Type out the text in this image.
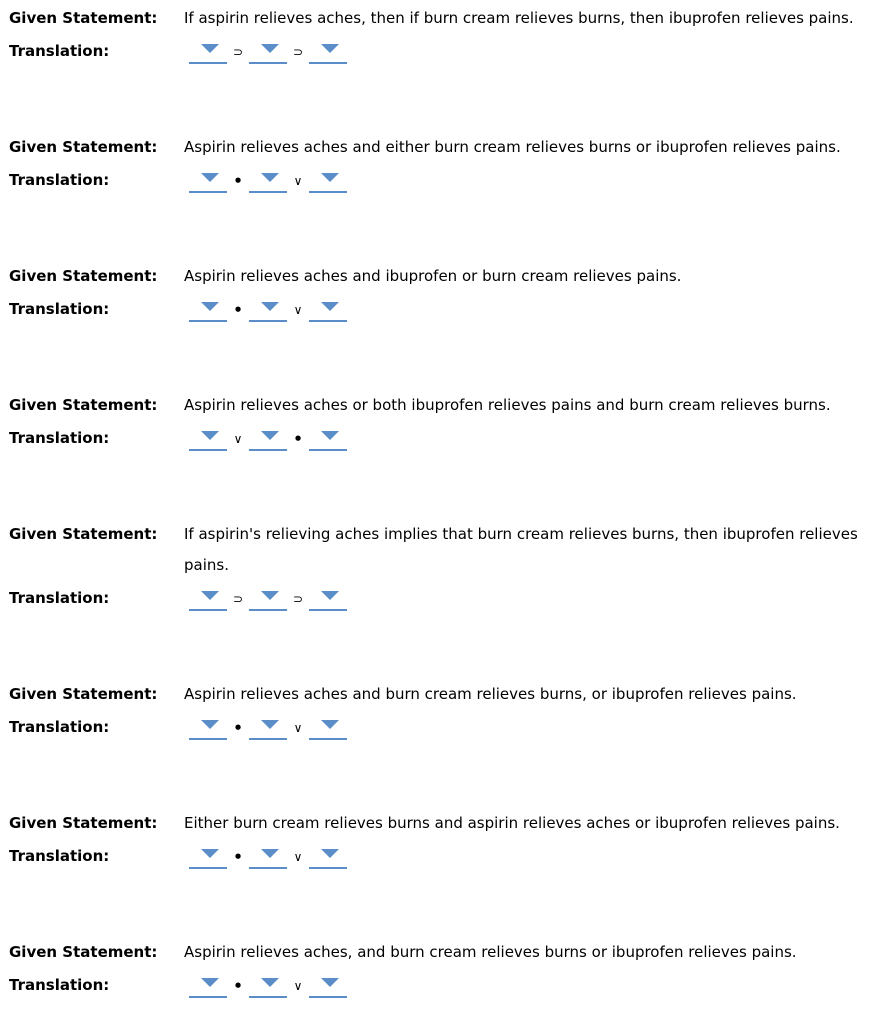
Given Statement: If aspirin relieves aches, then if burn cream relieves burns, then ibuprofen relieves pains.
Translation:	⊃	⊃
Given Statement: Aspirin relieves aches and either burn cream relieves burns or ibuprofen relieves pains.
Translation:	•	∨
Given Statement: Aspirin relieves aches and ibuprofen or burn cream relieves pains.
Translation:	•	∨
Given Statement: Aspirin relieves aches or both ibuprofen relieves pains and burn cream relieves burns.
Translation:	∨	•
Given Statement: If aspirin's relieving aches implies that burn cream relieves burns, then ibuprofen relieves pains.
Translation:	⊃	⊃
Given Statement: Aspirin relieves aches and burn cream relieves burns, or ibuprofen relieves pains.
Translation:	•	∨
Given Statement: Either burn cream relieves burns and aspirin relieves aches or ibuprofen relieves pains.
Translation:	•	∨
Given Statement: Aspirin relieves aches, and burn cream relieves burns or ibuprofen relieves pains.
Translation:	•	∨
